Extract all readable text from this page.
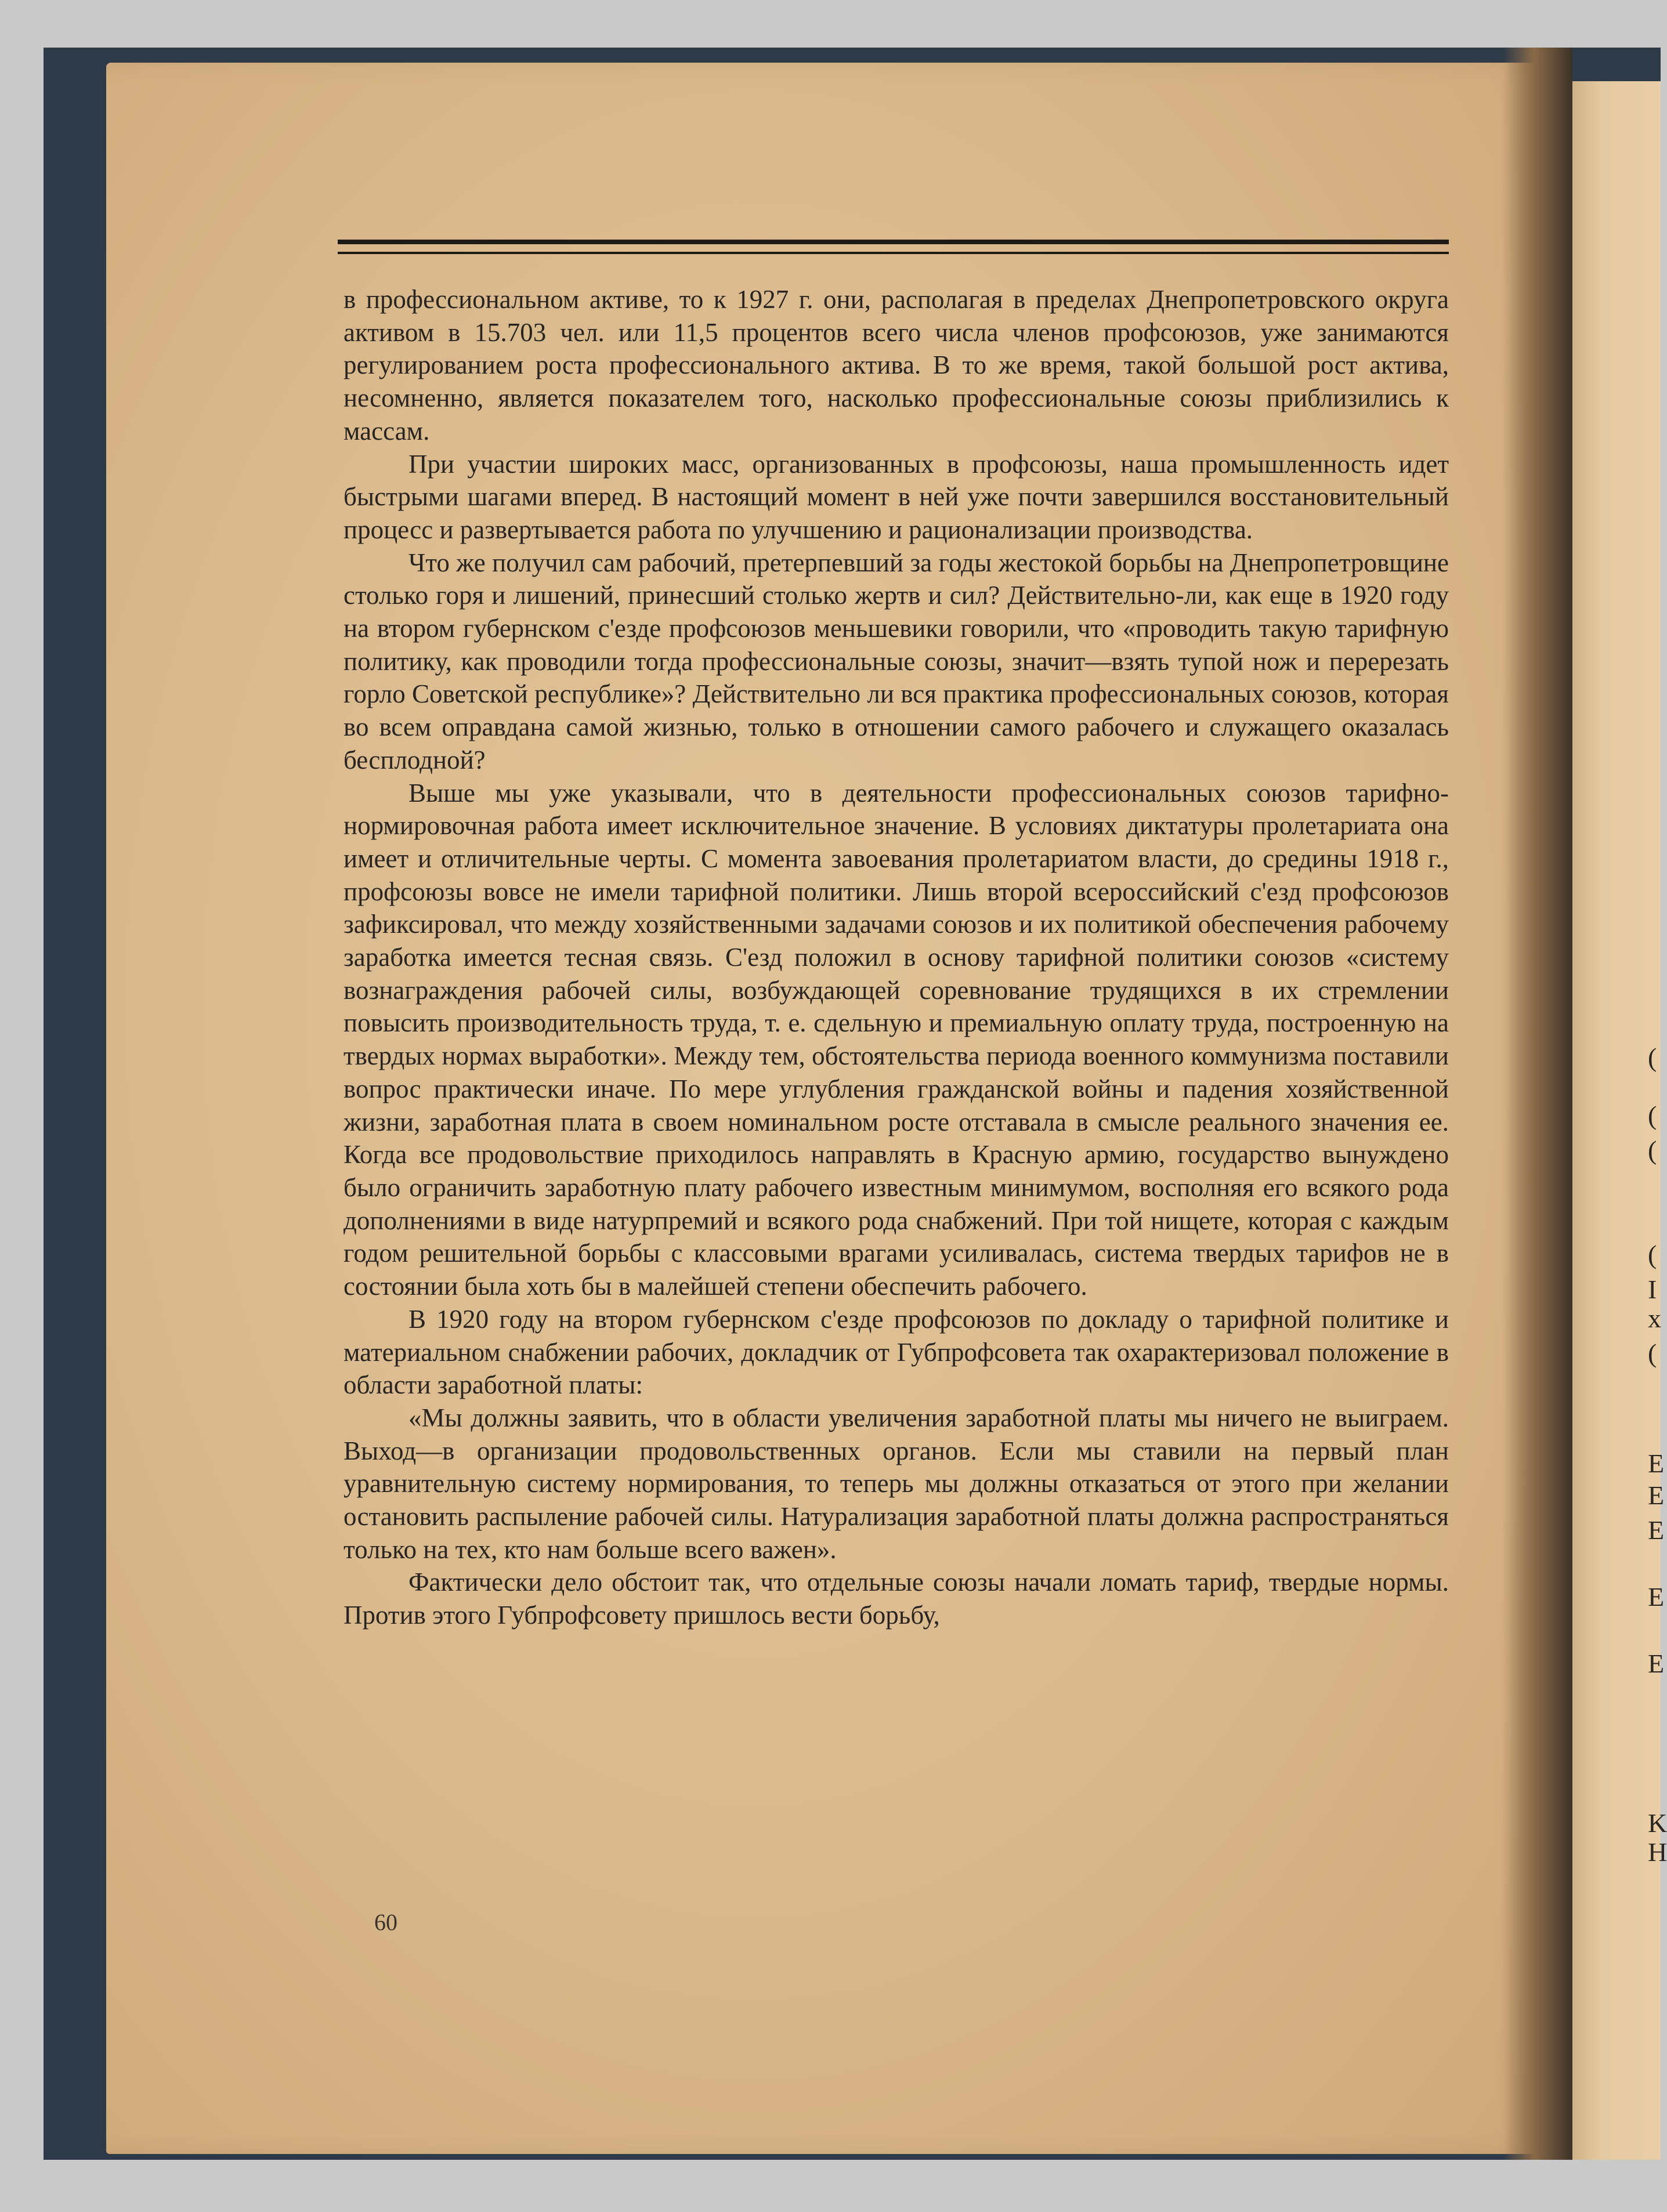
(
(
(
(
I
x
(
E
E
E
E
E
K
H

в профессиональном активе, то к 1927 г. они, располагая в пределах Днепропетровского округа активом в 15.703 чел. или 11,5 процентов всего числа членов профсоюзов, уже занимаются регулированием роста профессионального актива. В то же время, такой большой рост актива, несомненно, является показателем того, насколько профессиональные союзы приблизились к массам.

При участии широких масс, организованных в профсоюзы, наша промышленность идет быстрыми шагами вперед. В настоящий момент в ней уже почти завершился восстановительный процесс и развертывается работа по улучшению и рационализации производства.

Что же получил сам рабочий, претерпевший за годы жестокой борьбы на Днепропетровщине столько горя и лишений, принесший столько жертв и сил? Действительно-ли, как еще в 1920 году на втором губернском с'езде профсоюзов меньшевики говорили, что «проводить такую тарифную политику, как проводили тогда профессиональные союзы, значит—взять тупой нож и перерезать горло Советской республике»? Действительно ли вся практика профессиональных союзов, которая во всем оправдана самой жизнью, только в отношении самого рабочего и служащего оказалась бесплодной?

Выше мы уже указывали, что в деятельности профессиональных союзов тарифно-нормировочная работа имеет исключительное значение. В условиях диктатуры пролетариата она имеет и отличительные черты. С момента завоевания пролетариатом власти, до средины 1918 г., профсоюзы вовсе не имели тарифной политики. Лишь второй всероссийский с'езд профсоюзов зафиксировал, что между хозяйственными задачами союзов и их политикой обеспечения рабочему заработка имеется тесная связь. С'езд положил в основу тарифной политики союзов «систему вознаграждения рабочей силы, возбуждающей соревнование трудящихся в их стремлении повысить производительность труда, т. е. сдельную и премиальную оплату труда, построенную на твердых нормах выработки». Между тем, обстоятельства периода военного коммунизма поставили вопрос практически иначе. По мере углубления гражданской войны и падения хозяйственной жизни, заработная плата в своем номинальном росте отставала в смысле реального значения ее. Когда все продовольствие приходилось направлять в Красную армию, государство вынуждено было ограничить заработную плату рабочего известным минимумом, восполняя его всякого рода дополнениями в виде натурпремий и всякого рода снабжений. При той нищете, которая с каждым годом решительной борьбы с классовыми врагами усиливалась, система твердых тарифов не в состоянии была хоть бы в малейшей степени обеспечить рабочего.

В 1920 году на втором губернском с'езде профсоюзов по докладу о тарифной политике и материальном снабжении рабочих, докладчик от Губпрофсовета так охарактеризовал положение в области заработной платы:

«Мы должны заявить, что в области увеличения заработной платы мы ничего не выиграем. Выход—в организации продовольственных органов. Если мы ставили на первый план уравнительную систему нормирования, то теперь мы должны отказаться от этого при желании остановить распыление рабочей силы. Натурализация заработной платы должна распространяться только на тех, кто нам больше всего важен».

Фактически дело обстоит так, что отдельные союзы начали ломать тариф, твердые нормы. Против этого Губпрофсовету пришлось вести борьбу,

60
